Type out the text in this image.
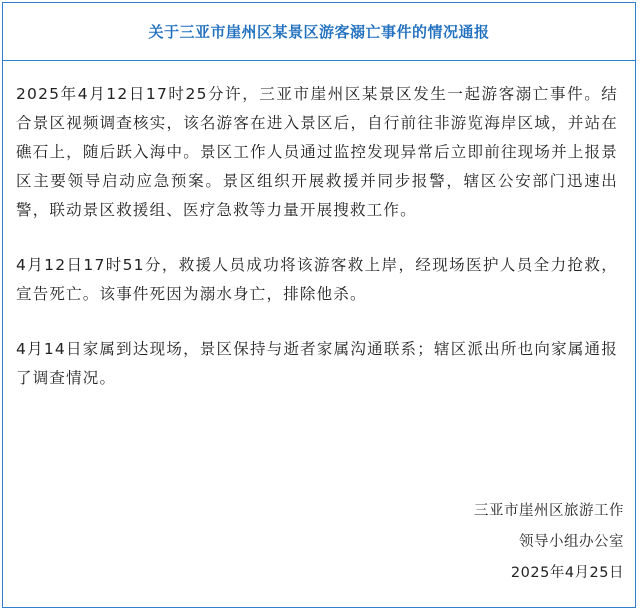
关于三亚市崖州区某景区游客溺亡事件的情况通报

2025年4月12日17时25分许，三亚市崖州区某景区发生一起游客溺亡事件。结合景区视频调查核实，该名游客在进入景区后，自行前往非游览海岸区域，并站在礁石上，随后跃入海中。景区工作人员通过监控发现异常后立即前往现场并上报景区主要领导启动应急预案。景区组织开展救援并同步报警，辖区公安部门迅速出警，联动景区救援组、医疗急救等力量开展搜救工作。

4月12日17时51分，救援人员成功将该游客救上岸，经现场医护人员全力抢救，宣告死亡。该事件死因为溺水身亡，排除他杀。

4月14日家属到达现场，景区保持与逝者家属沟通联系；辖区派出所也向家属通报了调查情况。

三亚市崖州区旅游工作
领导小组办公室
2025年4月25日
